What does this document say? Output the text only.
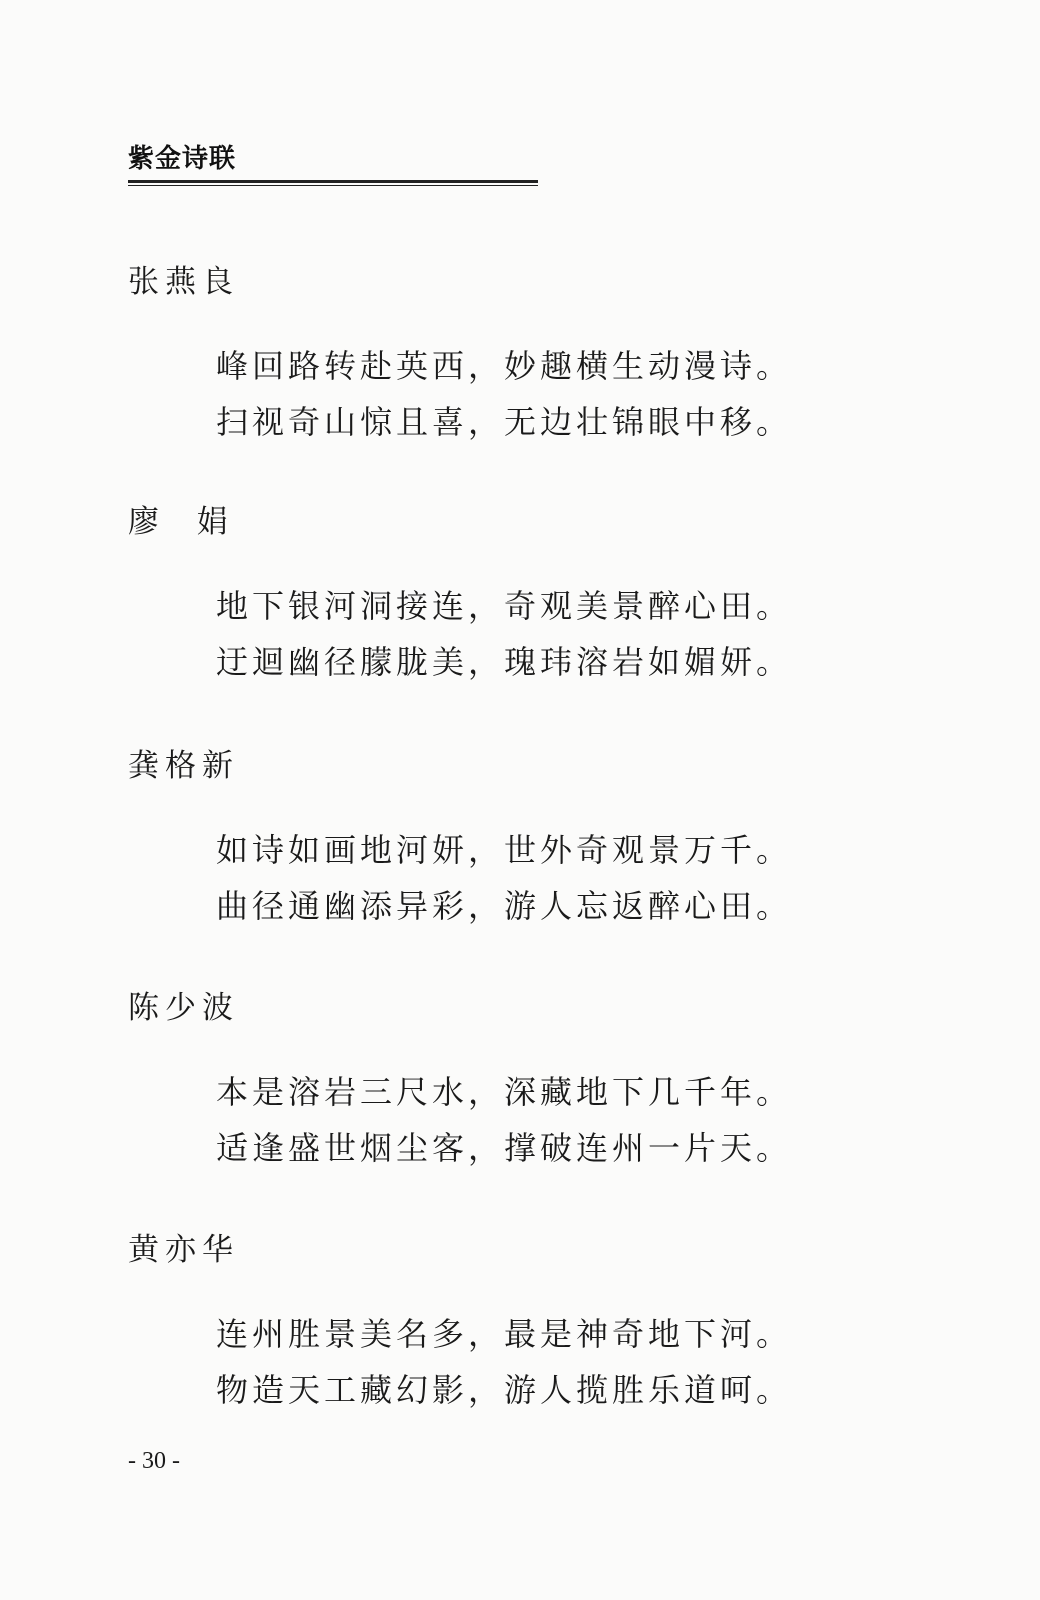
紫金诗联
张燕良
峰回路转赴英西，妙趣横生动漫诗。
扫视奇山惊且喜，无边壮锦眼中移。
廖  娟
地下银河洞接连，奇观美景醉心田。
迂迴幽径朦胧美，瑰玮溶岩如媚妍。
龚格新
如诗如画地河妍，世外奇观景万千。
曲径通幽添异彩，游人忘返醉心田。
陈少波
本是溶岩三尺水，深藏地下几千年。
适逢盛世烟尘客，撑破连州一片天。
黄亦华
连州胜景美名多，最是神奇地下河。
物造天工藏幻影，游人揽胜乐道呵。
- 30 -
